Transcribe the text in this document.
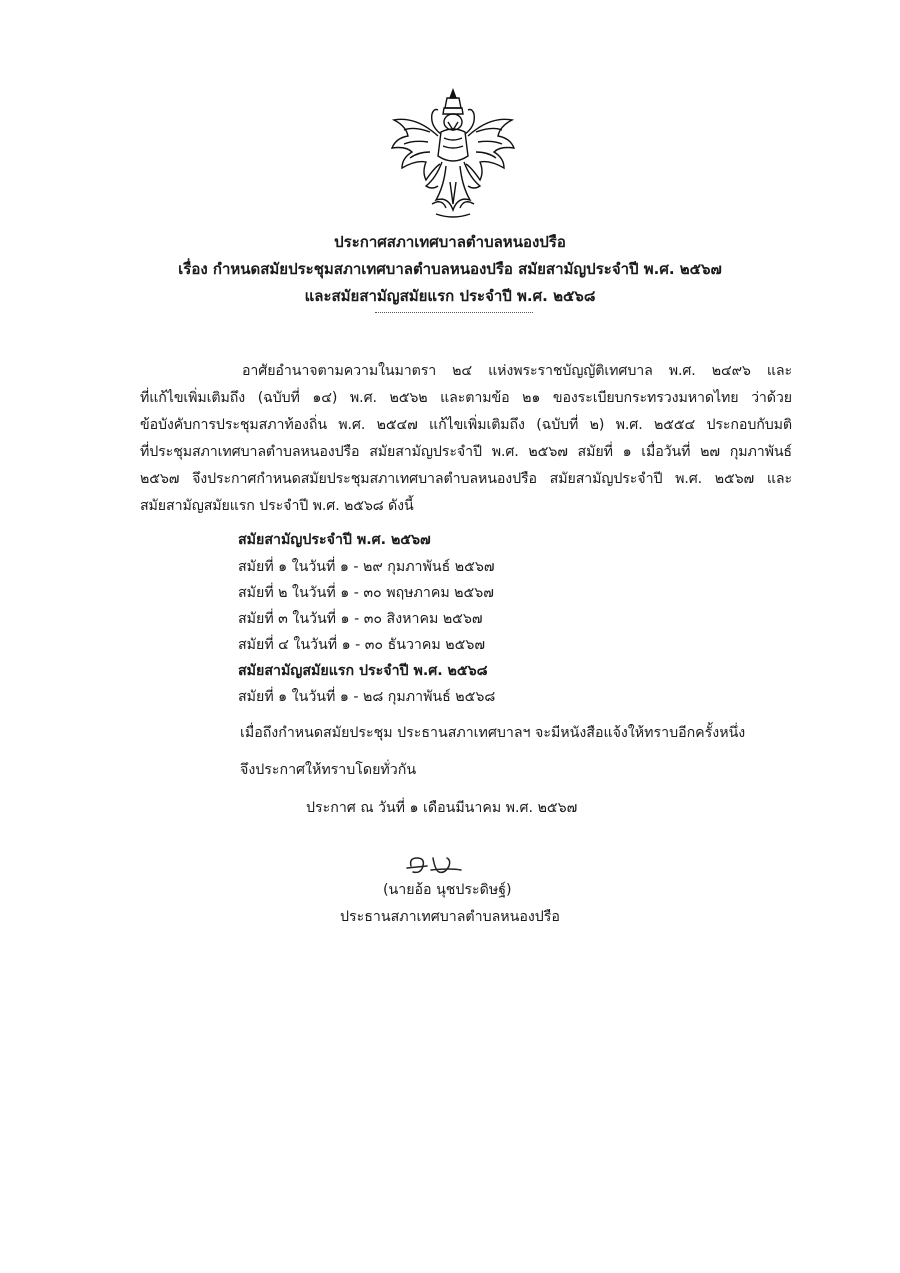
ประกาศสภาเทศบาลตำบลหนองปรือ
เรื่อง กำหนดสมัยประชุมสภาเทศบาลตำบลหนองปรือ สมัยสามัญประจำปี พ.ศ. ๒๕๖๗
และสมัยสามัญสมัยแรก ประจำปี พ.ศ. ๒๕๖๘
อาศัยอำนาจตามความในมาตรา ๒๔ แห่งพระราชบัญญัติเทศบาล พ.ศ. ๒๔๙๖ และ
ที่แก้ไขเพิ่มเติมถึง (ฉบับที่ ๑๔) พ.ศ. ๒๕๖๒ และตามข้อ ๒๑ ของระเบียบกระทรวงมหาดไทย ว่าด้วย
ข้อบังคับการประชุมสภาท้องถิ่น พ.ศ. ๒๕๔๗ แก้ไขเพิ่มเติมถึง (ฉบับที่ ๒) พ.ศ. ๒๕๕๔ ประกอบกับมติ
ที่ประชุมสภาเทศบาลตำบลหนองปรือ สมัยสามัญประจำปี พ.ศ. ๒๕๖๗ สมัยที่ ๑ เมื่อวันที่ ๒๗ กุมภาพันธ์
๒๕๖๗ จึงประกาศกำหนดสมัยประชุมสภาเทศบาลตำบลหนองปรือ สมัยสามัญประจำปี พ.ศ. ๒๕๖๗ และ
สมัยสามัญสมัยแรก ประจำปี พ.ศ. ๒๕๖๘ ดังนี้
สมัยสามัญประจำปี พ.ศ. ๒๕๖๗
สมัยที่ ๑ ในวันที่ ๑ - ๒๙ กุมภาพันธ์ ๒๕๖๗
สมัยที่ ๒ ในวันที่ ๑ - ๓๐ พฤษภาคม ๒๕๖๗
สมัยที่ ๓ ในวันที่ ๑ - ๓๐ สิงหาคม ๒๕๖๗
สมัยที่ ๔ ในวันที่ ๑ - ๓๐ ธันวาคม ๒๕๖๗
สมัยสามัญสมัยแรก ประจำปี พ.ศ. ๒๕๖๘
สมัยที่ ๑ ในวันที่ ๑ - ๒๘ กุมภาพันธ์ ๒๕๖๘
เมื่อถึงกำหนดสมัยประชุม ประธานสภาเทศบาลฯ จะมีหนังสือแจ้งให้ทราบอีกครั้งหนึ่ง
จึงประกาศให้ทราบโดยทั่วกัน
ประกาศ ณ วันที่ ๑ เดือนมีนาคม พ.ศ. ๒๕๖๗
(นายอ้อ นุชประดิษฐ์)
ประธานสภาเทศบาลตำบลหนองปรือ
